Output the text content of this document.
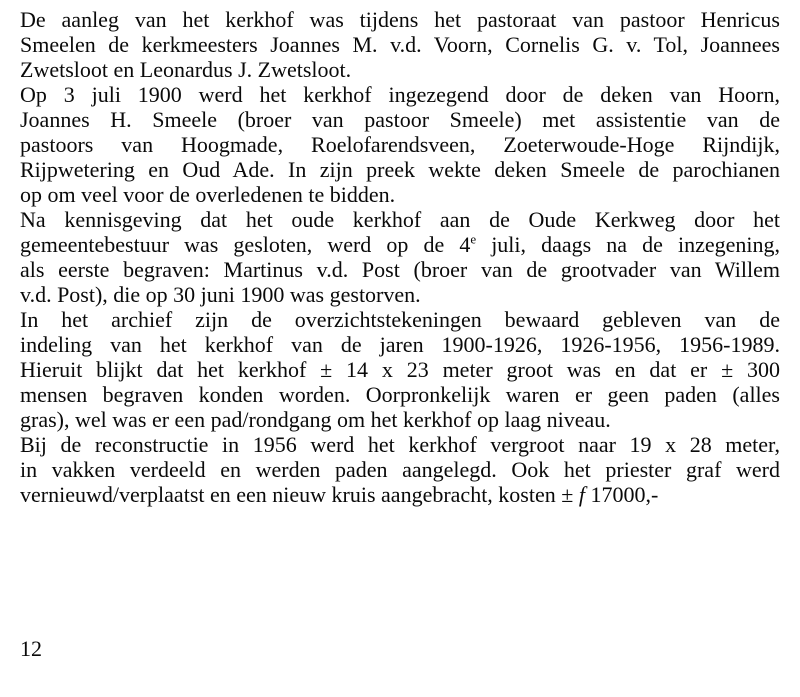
De aanleg van het kerkhof was tijdens het pastoraat van pastoor Henricus
Smeelen de kerkmeesters Joannes M. v.d. Voorn, Cornelis G. v. Tol, Joannees
Zwetsloot en Leonardus J. Zwetsloot.

Op 3 juli 1900 werd het kerkhof ingezegend door de deken van Hoorn,
Joannes H. Smeele (broer van pastoor Smeele) met assistentie van de
pastoors van Hoogmade, Roelofarendsveen, Zoeterwoude-Hoge Rijndijk,
Rijpwetering en Oud Ade. In zijn preek wekte deken Smeele de parochianen
op om veel voor de overledenen te bidden.

Na kennisgeving dat het oude kerkhof aan de Oude Kerkweg door het
gemeentebestuur was gesloten, werd op de 4e juli, daags na de inzegening,
als eerste begraven: Martinus v.d. Post (broer van de grootvader van Willem
v.d. Post), die op 30 juni 1900 was gestorven.

In het archief zijn de overzichtstekeningen bewaard gebleven van de
indeling van het kerkhof van de jaren 1900-1926, 1926-1956, 1956-1989.
Hieruit blijkt dat het kerkhof ± 14 x 23 meter groot was en dat er ± 300
mensen begraven konden worden. Oorpronkelijk waren er geen paden (alles
gras), wel was er een pad/rondgang om het kerkhof op laag niveau.

Bij de reconstructie in 1956 werd het kerkhof vergroot naar 19 x 28 meter,
in vakken verdeeld en werden paden aangelegd. Ook het priester graf werd
vernieuwd/verplaatst en een nieuw kruis aangebracht, kosten ± f 17000,-

12
